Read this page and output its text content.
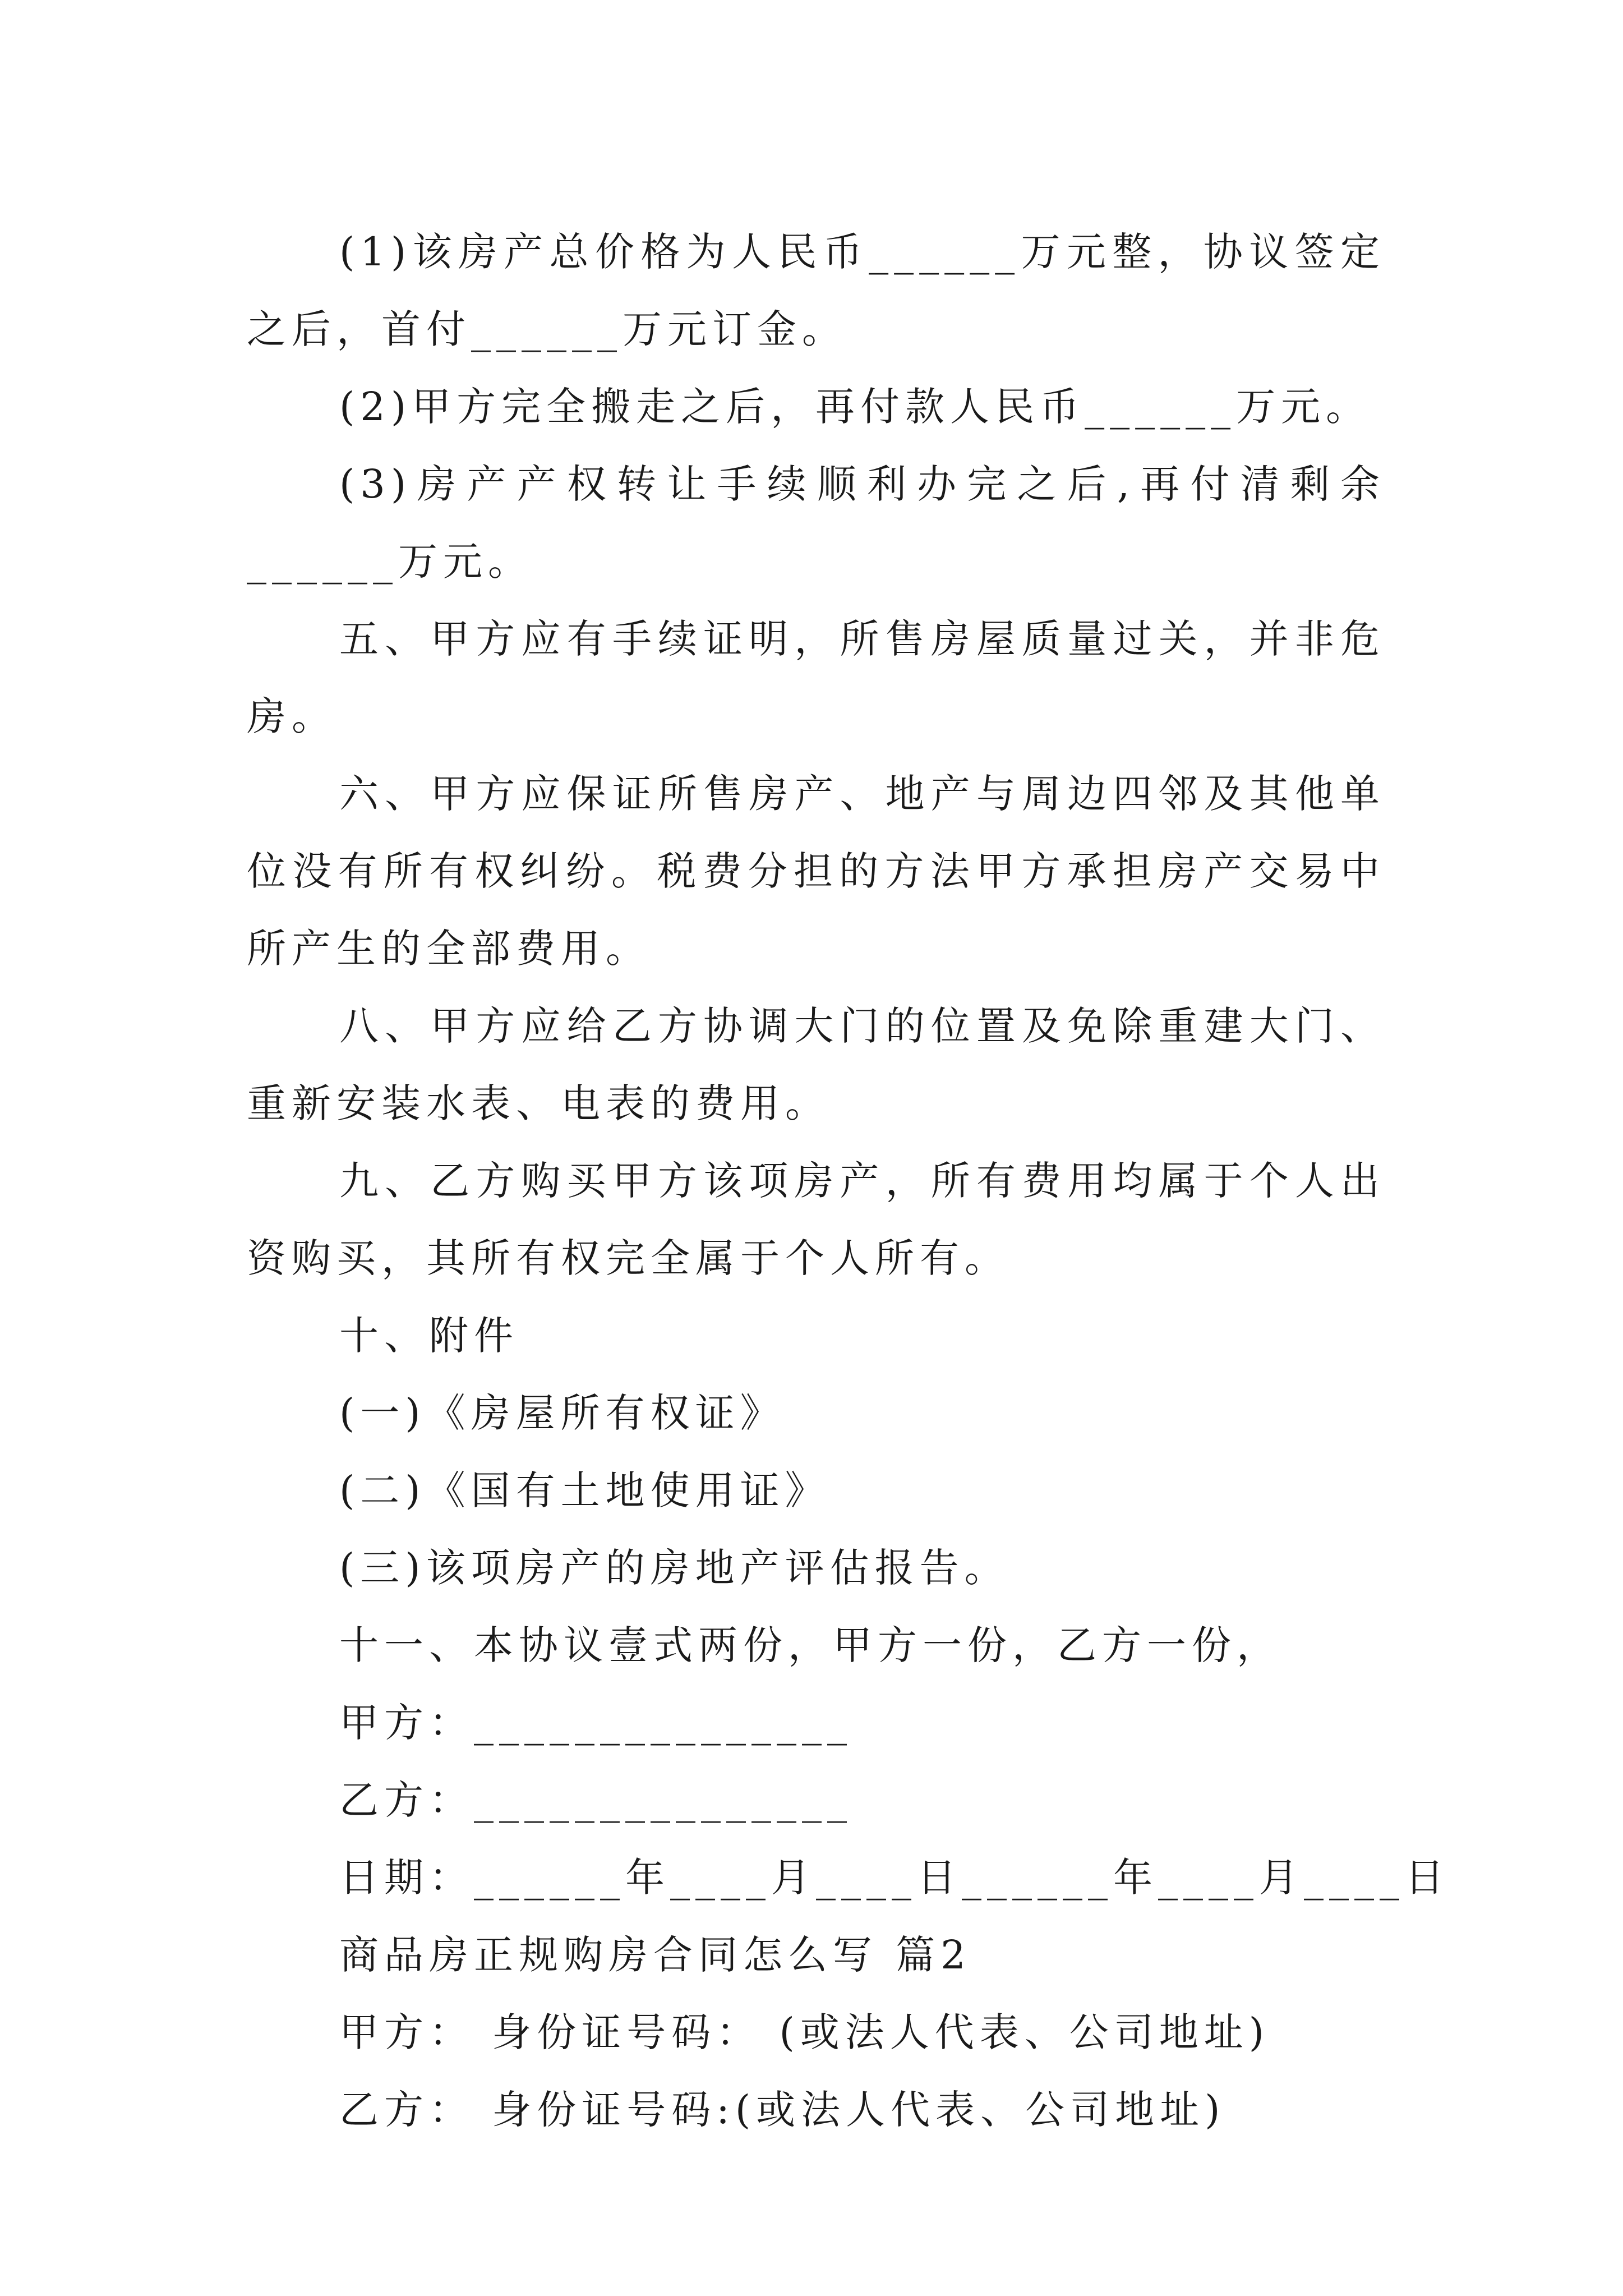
(1)该房产总价格为人民币______万元整，协议签定之后，首付______万元订金。

(2)甲方完全搬走之后，再付款人民币______万元。

(3)房产产权转让手续顺利办完之后,再付清剩余______万元。

五、甲方应有手续证明，所售房屋质量过关，并非危房。

六、甲方应保证所售房产、地产与周边四邻及其他单位没有所有权纠纷。税费分担的方法甲方承担房产交易中所产生的全部费用。

八、甲方应给乙方协调大门的位置及免除重建大门、重新安装水表、电表的费用。

九、乙方购买甲方该项房产，所有费用均属于个人出资购买，其所有权完全属于个人所有。

十、附件

(一)《房屋所有权证》

(二)《国有土地使用证》

(三)该项房产的房地产评估报告。

十一、本协议壹式两份，甲方一份，乙方一份，

甲方：_______________

乙方：_______________

日期：______年____月____日______年____月____日

商品房正规购房合同怎么写 篇2

甲方： 身份证号码： (或法人代表、公司地址)

乙方： 身份证号码:(或法人代表、公司地址)
